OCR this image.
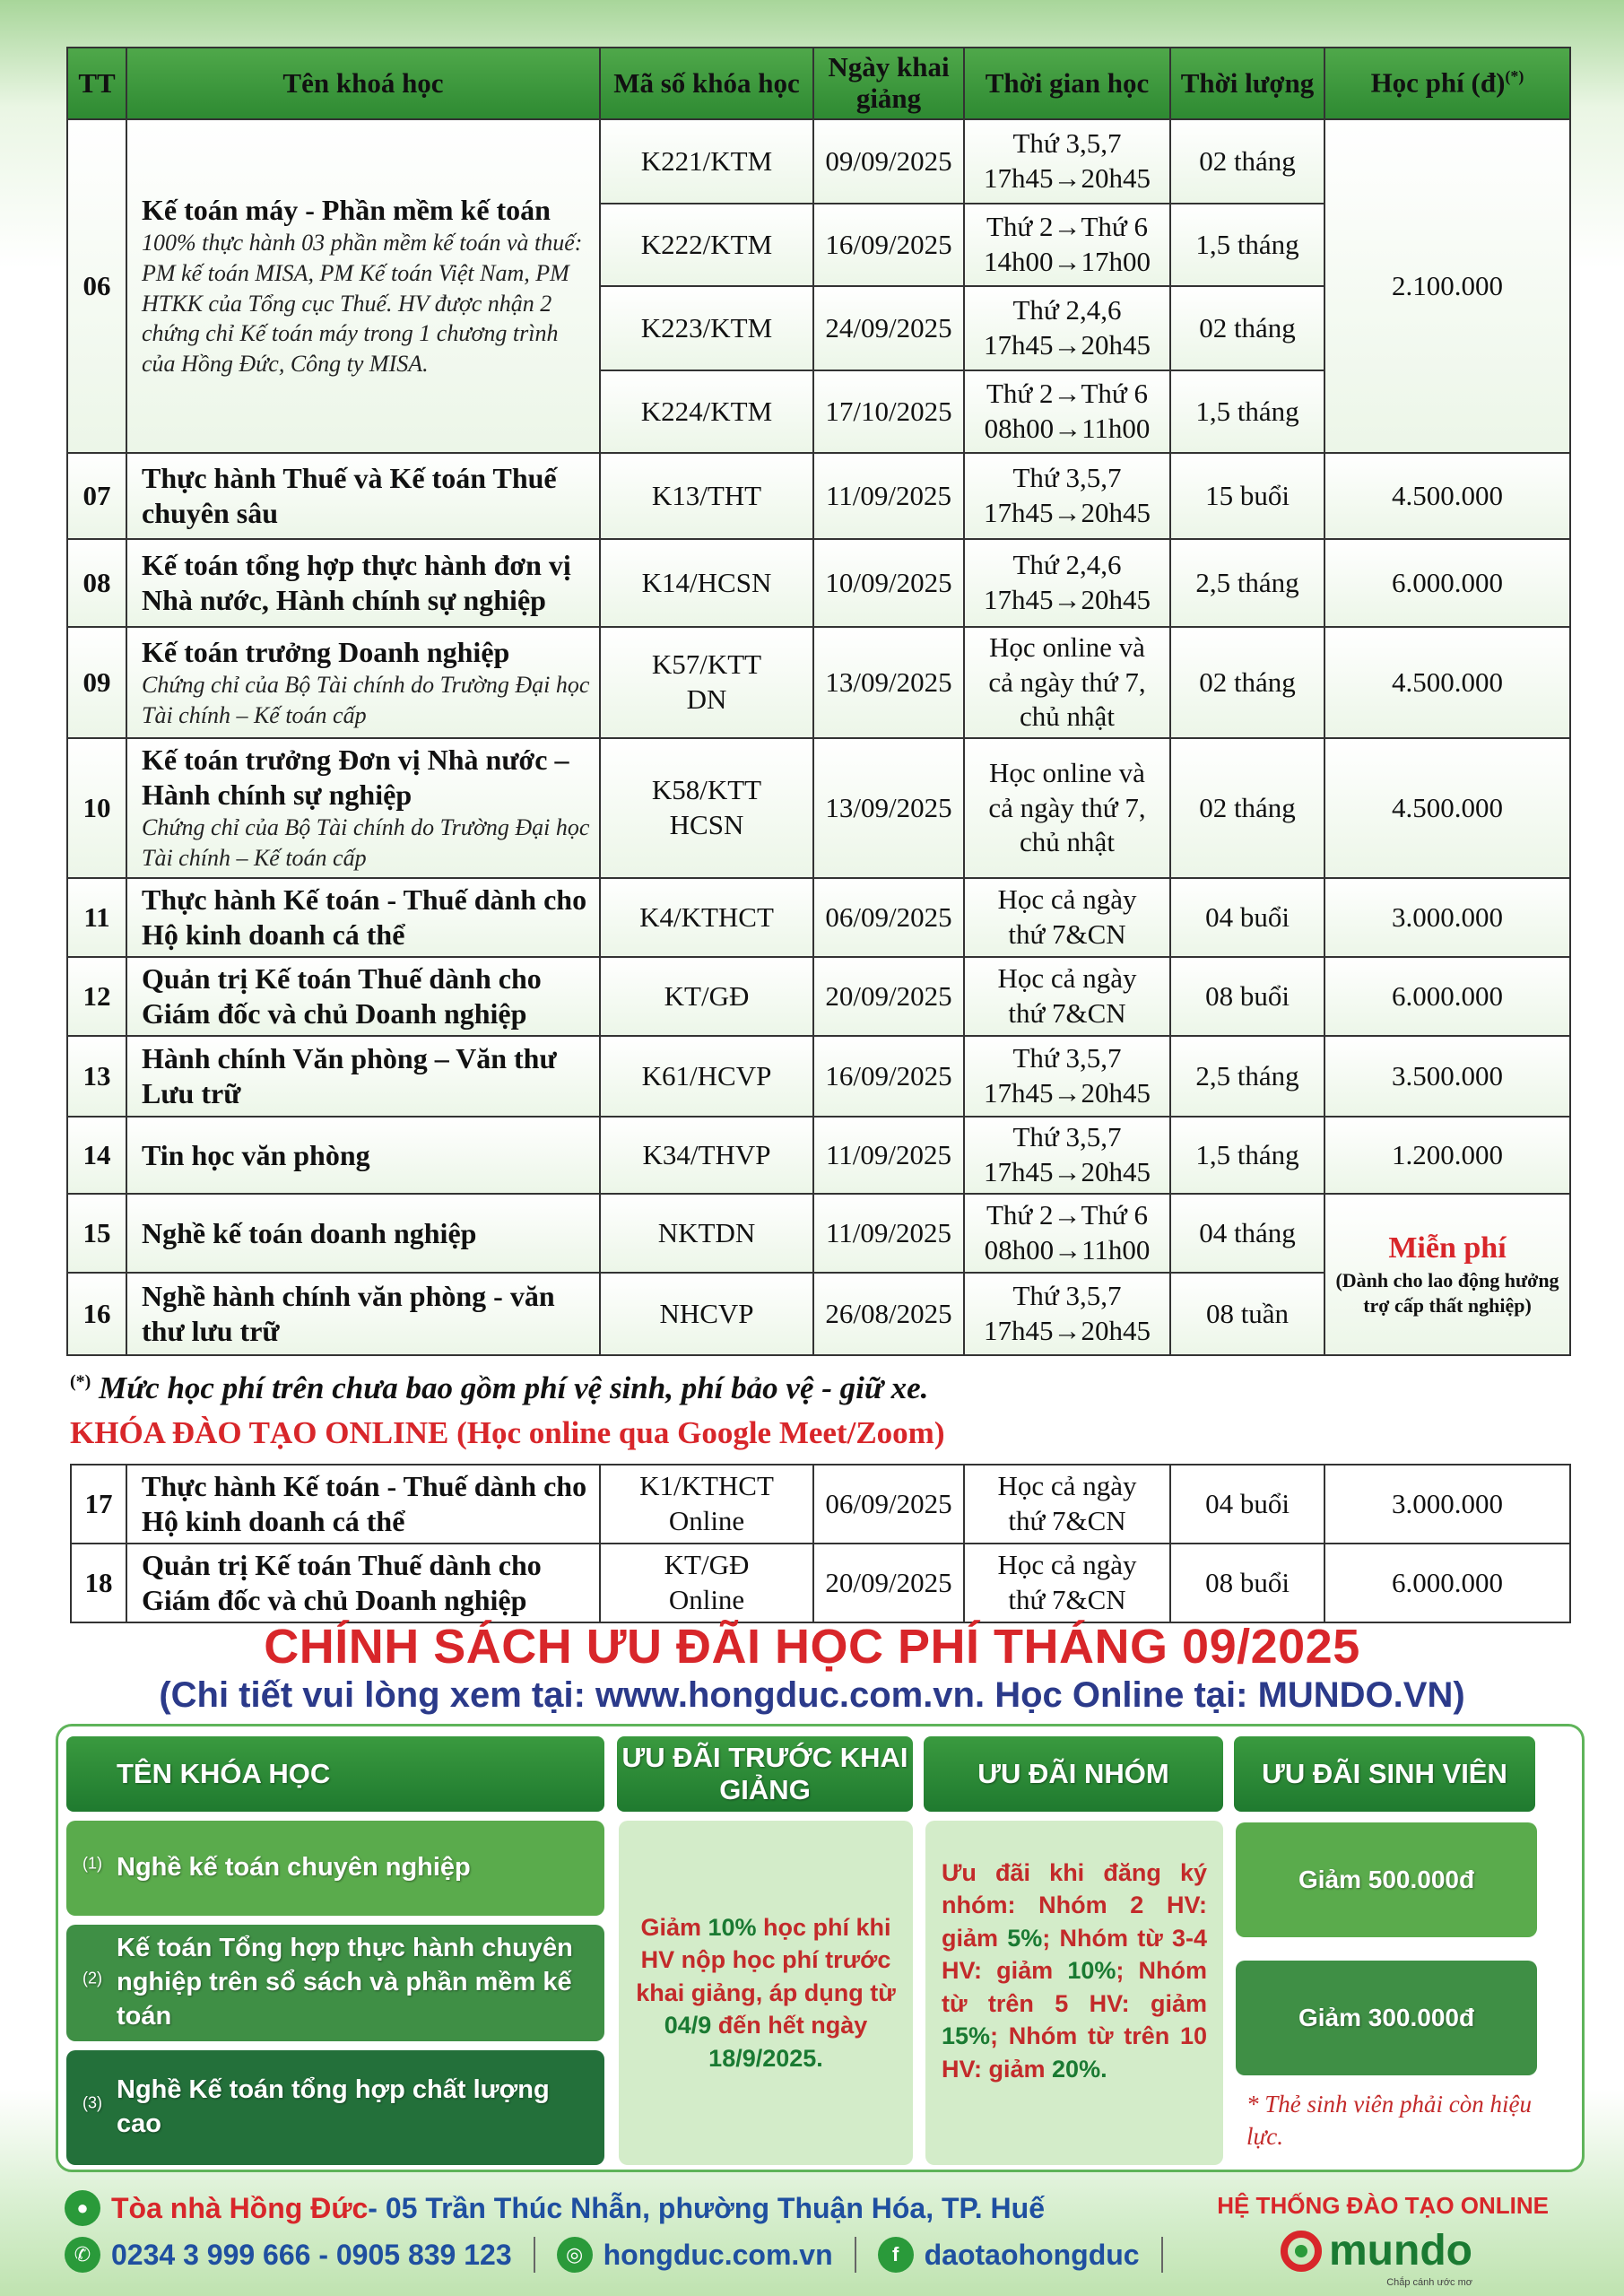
TT	Tên khoá học	Mã số khóa học	Ngày khai giảng	Thời gian học	Thời lượng	Học phí (đ)(*)
06	Kế toán máy - Phần mềm kế toán
100% thực hành 03 phần mềm kế toán và thuế: PM kế toán MISA, PM Kế toán Việt Nam, PM HTKK của Tổng cục Thuế. HV được nhận 2 chứng chỉ Kế toán máy trong 1 chương trình của Hồng Đức, Công ty MISA.	K221/KTM	09/09/2025	Thứ 3,5,7
17h45→20h45	02 tháng	2.100.000
		K222/KTM	16/09/2025	Thứ 2→Thứ 6
14h00→17h00	1,5 tháng	
		K223/KTM	24/09/2025	Thứ 2,4,6
17h45→20h45	02 tháng	
		K224/KTM	17/10/2025	Thứ 2→Thứ 6
08h00→11h00	1,5 tháng	
07	Thực hành Thuế và Kế toán Thuế chuyên sâu	K13/THT	11/09/2025	Thứ 3,5,7
17h45→20h45	15 buổi	4.500.000
08	Kế toán tổng hợp thực hành đơn vị Nhà nước, Hành chính sự nghiệp	K14/HCSN	10/09/2025	Thứ 2,4,6
17h45→20h45	2,5 tháng	6.000.000
09	Kế toán trưởng Doanh nghiệp
Chứng chỉ của Bộ Tài chính do Trường Đại học Tài chính – Kế toán cấp	K57/KTT
DN	13/09/2025	Học online và
cả ngày thứ 7,
chủ nhật	02 tháng	4.500.000
10	Kế toán trưởng Đơn vị Nhà nước – Hành chính sự nghiệp
Chứng chỉ của Bộ Tài chính do Trường Đại học Tài chính – Kế toán cấp	K58/KTT
HCSN	13/09/2025	Học online và
cả ngày thứ 7,
chủ nhật	02 tháng	4.500.000
11	Thực hành Kế toán - Thuế dành cho Hộ kinh doanh cá thể	K4/KTHCT	06/09/2025	Học cả ngày
thứ 7&CN	04 buổi	3.000.000
12	Quản trị Kế toán Thuế dành cho Giám đốc và chủ Doanh nghiệp	KT/GĐ	20/09/2025	Học cả ngày
thứ 7&CN	08 buổi	6.000.000
13	Hành chính Văn phòng – Văn thư Lưu trữ	K61/HCVP	16/09/2025	Thứ 3,5,7
17h45→20h45	2,5 tháng	3.500.000
14	Tin học văn phòng	K34/THVP	11/09/2025	Thứ 3,5,7
17h45→20h45	1,5 tháng	1.200.000
15	Nghề kế toán doanh nghiệp	NKTDN	11/09/2025	Thứ 2→Thứ 6
08h00→11h00	04 tháng	Miễn phí
(Dành cho lao động hưởng trợ cấp thất nghiệp)

16	Nghề hành chính văn phòng - văn thư lưu trữ	NHCVP	26/08/2025	Thứ 3,5,7
17h45→20h45	08 tuần	
(*) Mức học phí trên chưa bao gồm phí vệ sinh, phí bảo vệ - giữ xe.
KHÓA ĐÀO TẠO ONLINE (Học online qua Google Meet/Zoom)
17	Thực hành Kế toán - Thuế dành cho Hộ kinh doanh cá thể	K1/KTHCT
Online	06/09/2025	Học cả ngày
thứ 7&CN	04 buổi	3.000.000
18	Quản trị Kế toán Thuế dành cho Giám đốc và chủ Doanh nghiệp	KT/GĐ
Online	20/09/2025	Học cả ngày
thứ 7&CN	08 buổi	6.000.000
CHÍNH SÁCH ƯU ĐÃI HỌC PHÍ THÁNG 09/2025
(Chi tiết vui lòng xem tại: www.hongduc.com.vn. Học Online tại: MUNDO.VN)
TÊN KHÓA HỌC
ƯU ĐÃI TRƯỚC KHAI GIẢNG
ƯU ĐÃI NHÓM	ƯU ĐÃI SINH VIÊN
(1) Nghề kế toán chuyên nghiệp
(2)
Kế toán Tổng hợp thực hành chuyên nghiệp trên sổ sách và phần mềm kế toán
(3) Nghề Kế toán tổng hợp chất lượng cao
Giảm 10% học phí khi HV nộp học phí trước khai giảng, áp dụng từ 04/9 đến hết ngày 18/9/2025.
Ưu đãi khi đăng ký nhóm: Nhóm 2 HV: giảm 5%; Nhóm từ 3-4 HV: giảm 10%; Nhóm từ trên 5 HV: giảm 15%; Nhóm từ trên 10 HV: giảm 20%.
Giảm 500.000đ
Giảm 300.000đ
* Thẻ sinh viên phải còn hiệu lực.
● Tòa nhà Hồng Đức - 05 Trần Thúc Nhẫn, phường Thuận Hóa, TP. Huế
✆ 0234 3 999 666 - 0905 839 123	◎ hongduc.com.vn	f daotaohongduc
HỆ THỐNG ĐÀO TẠO ONLINE
mundo
Chắp cánh ước mơ
